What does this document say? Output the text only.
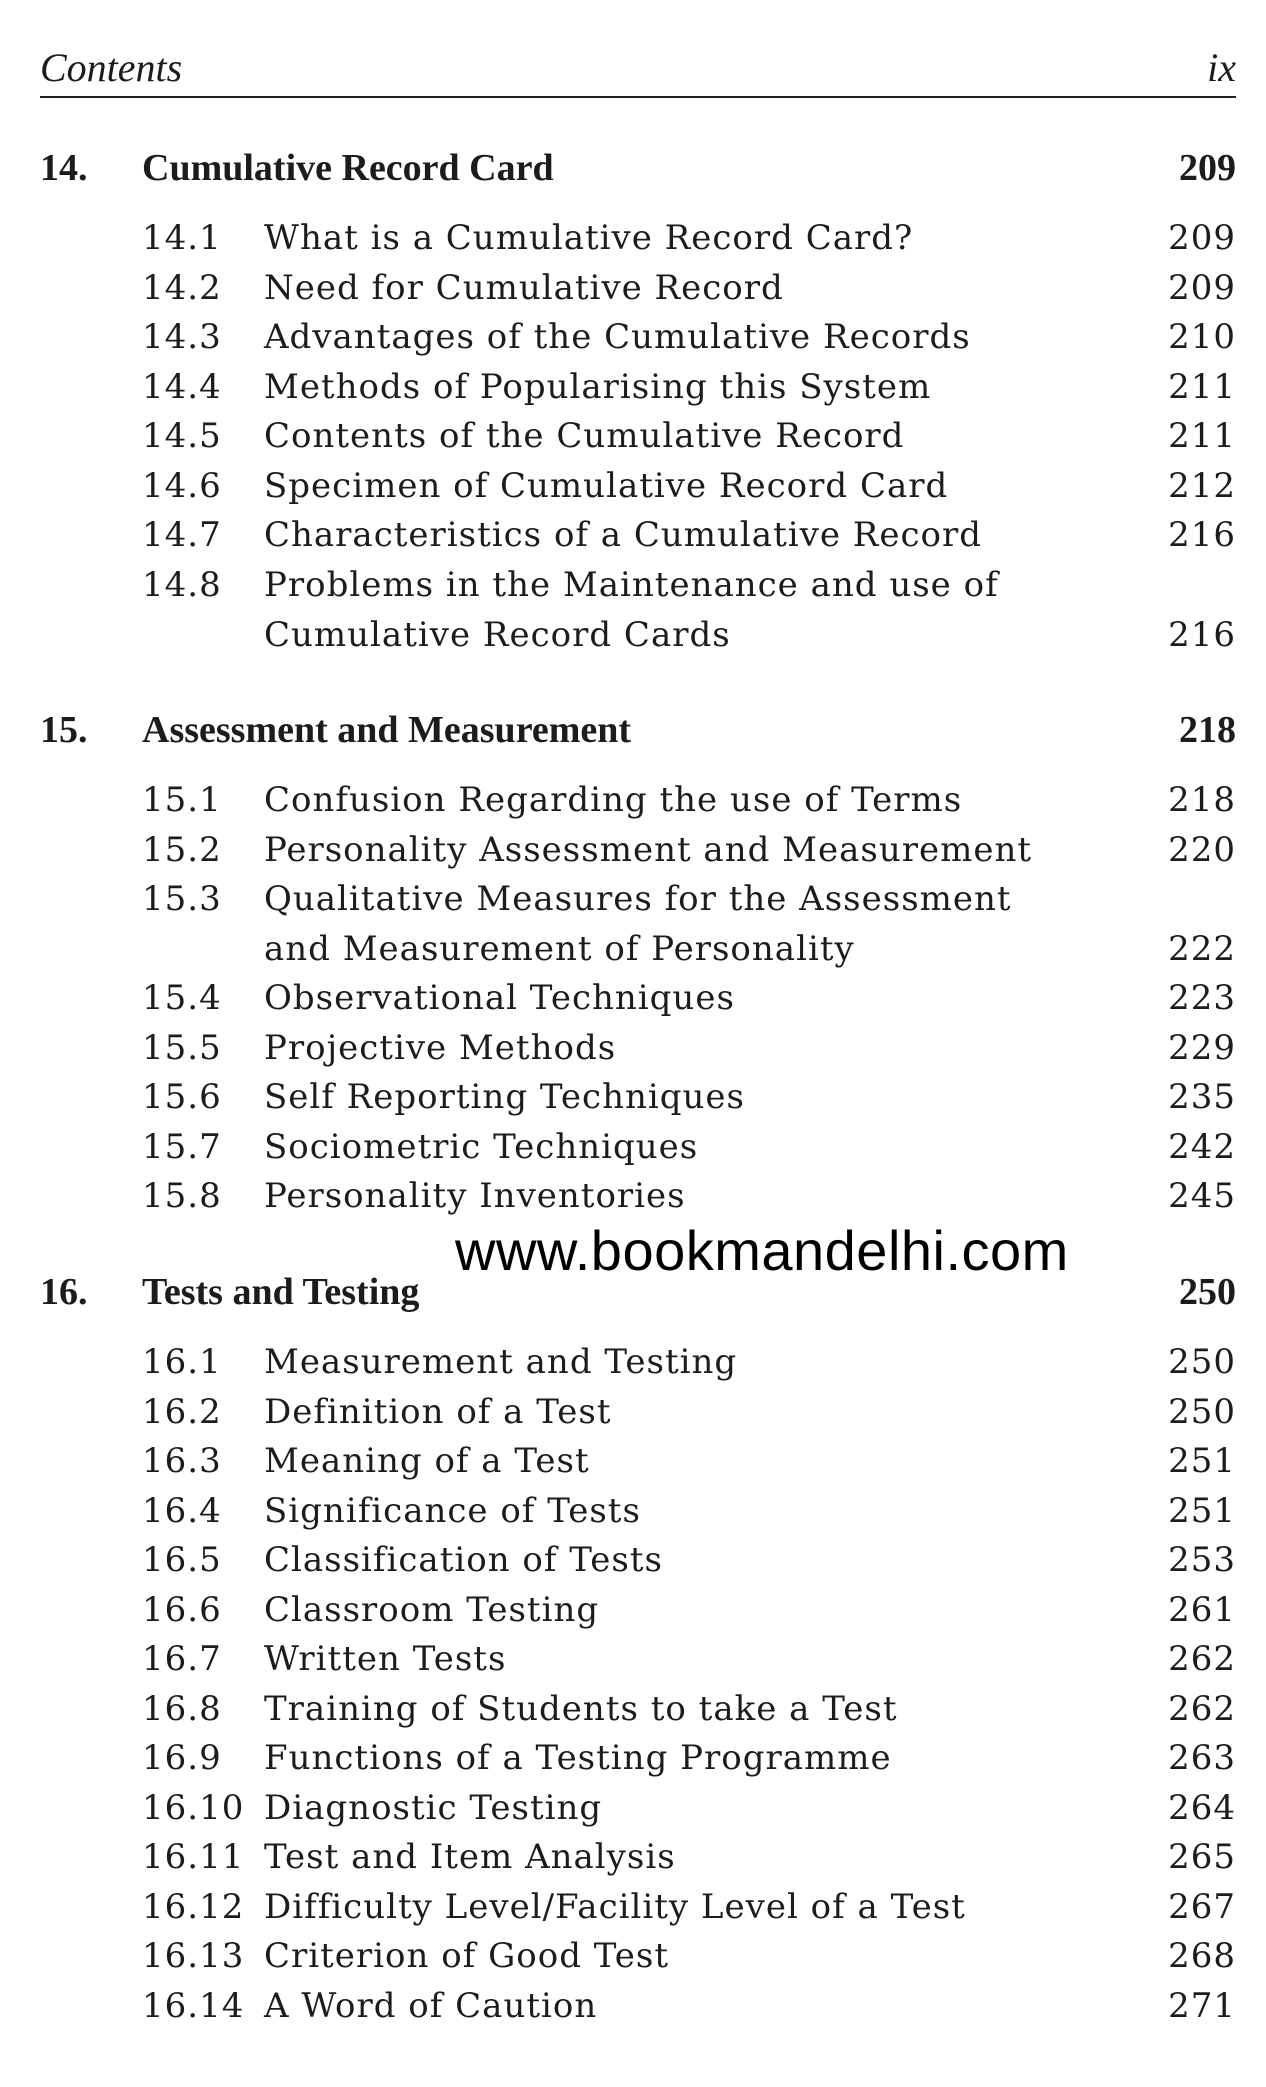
Contents	ix
14. Cumulative Record Card	209
14.1 What is a Cumulative Record Card?	209
14.2 Need for Cumulative Record	209
14.3 Advantages of the Cumulative Records	210
14.4 Methods of Popularising this System	211
14.5 Contents of the Cumulative Record	211
14.6 Specimen of Cumulative Record Card	212
14.7 Characteristics of a Cumulative Record	216
14.8 Problems in the Maintenance and use of
Cumulative Record Cards	216
15. Assessment and Measurement	218
15.1 Confusion Regarding the use of Terms	218
15.2 Personality Assessment and Measurement	220
15.3 Qualitative Measures for the Assessment
and Measurement of Personality	222
15.4 Observational Techniques	223
15.5 Projective Methods	229
15.6 Self Reporting Techniques	235
15.7 Sociometric Techniques	242
15.8 Personality Inventories	245
16. Tests and Testing	250
16.1 Measurement and Testing	250
16.2 Definition of a Test	250
16.3 Meaning of a Test	251
16.4 Significance of Tests	251
16.5 Classification of Tests	253
16.6 Classroom Testing	261
16.7 Written Tests	262
16.8 Training of Students to take a Test	262
16.9 Functions of a Testing Programme	263
16.10 Diagnostic Testing	264
16.11 Test and Item Analysis	265
16.12 Difficulty Level/Facility Level of a Test	267
16.13 Criterion of Good Test	268
16.14 A Word of Caution	271
www.bookmandelhi.com
